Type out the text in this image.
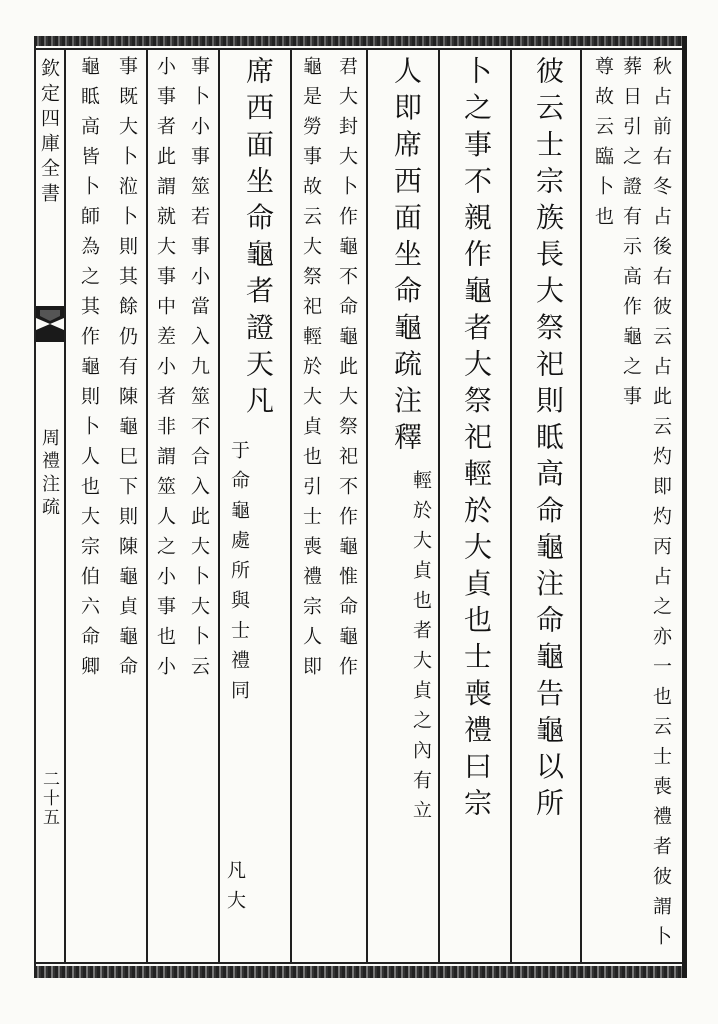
欽定四庫全書
周禮注疏
二十五	秋占前右冬占後右彼云占此云灼即灼丙占之亦一也云士喪禮者彼謂卜葬日引之證有示高作龜之事
尊故云臨卜也
彼云士宗族長大祭祀則眡高命龜注命龜告龜以所
卜之事不親作龜者大祭祀輕於大貞也士喪禮曰宗
人即席西面坐命龜疏注釋
輕於大貞也者大貞之內有立
君大封大卜作龜不命龜此大祭祀不作龜惟命龜作
龜是勞事故云大祭祀輕於大貞也引士喪禮宗人即
席西面坐命龜者證天凡
于命龜處所與士禮同
凡大
事卜小事筮若事小當入九筮不合入此大卜大卜云
小事者此謂就大事中差小者非謂筮人之小事也小
事既大卜涖卜則其餘仍有陳龜巳下則陳龜貞龜命
龜眡高皆卜師為之其作龜則卜人也大宗伯六命卿
